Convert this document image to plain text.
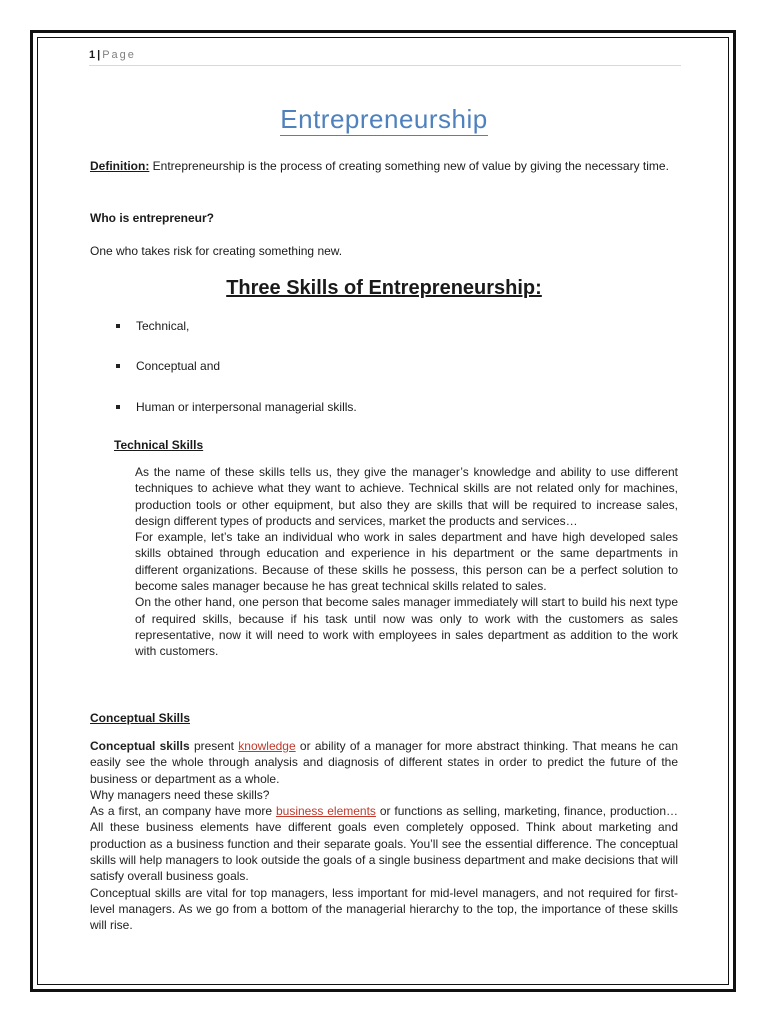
1 | Page
Entrepreneurship
Definition: Entrepreneurship is the process of creating something new of value by giving the necessary time.
Who is entrepreneur?
One who takes risk for creating something new.
Three Skills of Entrepreneurship:
Technical,
Conceptual and
Human or interpersonal managerial skills.
Technical Skills

As the name of these skills tells us, they give the manager’s knowledge and ability to use different techniques to achieve what they want to achieve. Technical skills are not related only for machines, production tools or other equipment, but also they are skills that will be required to increase sales, design different types of products and services, market the products and services…

For example, let’s take an individual who work in sales department and have high developed sales skills obtained through education and experience in his department or the same departments in different organizations. Because of these skills he possess, this person can be a perfect solution to become sales manager because he has great technical skills related to sales.

On the other hand, one person that become sales manager immediately will start to build his next type of required skills, because if his task until now was only to work with the customers as sales representative, now it will need to work with employees in sales department as addition to the work with customers.

Conceptual Skills

Conceptual skills present knowledge or ability of a manager for more abstract thinking. That means he can easily see the whole through analysis and diagnosis of different states in order to predict the future of the business or department as a whole.

Why managers need these skills?

As a first, an company have more business elements or functions as selling, marketing, finance, production… All these business elements have different goals even completely opposed. Think about marketing and production as a business function and their separate goals. You’ll see the essential difference. The conceptual skills will help managers to look outside the goals of a single business department and make decisions that will satisfy overall business goals.

Conceptual skills are vital for top managers, less important for mid-level managers, and not required for first-level managers. As we go from a bottom of the managerial hierarchy to the top, the importance of these skills will rise.
